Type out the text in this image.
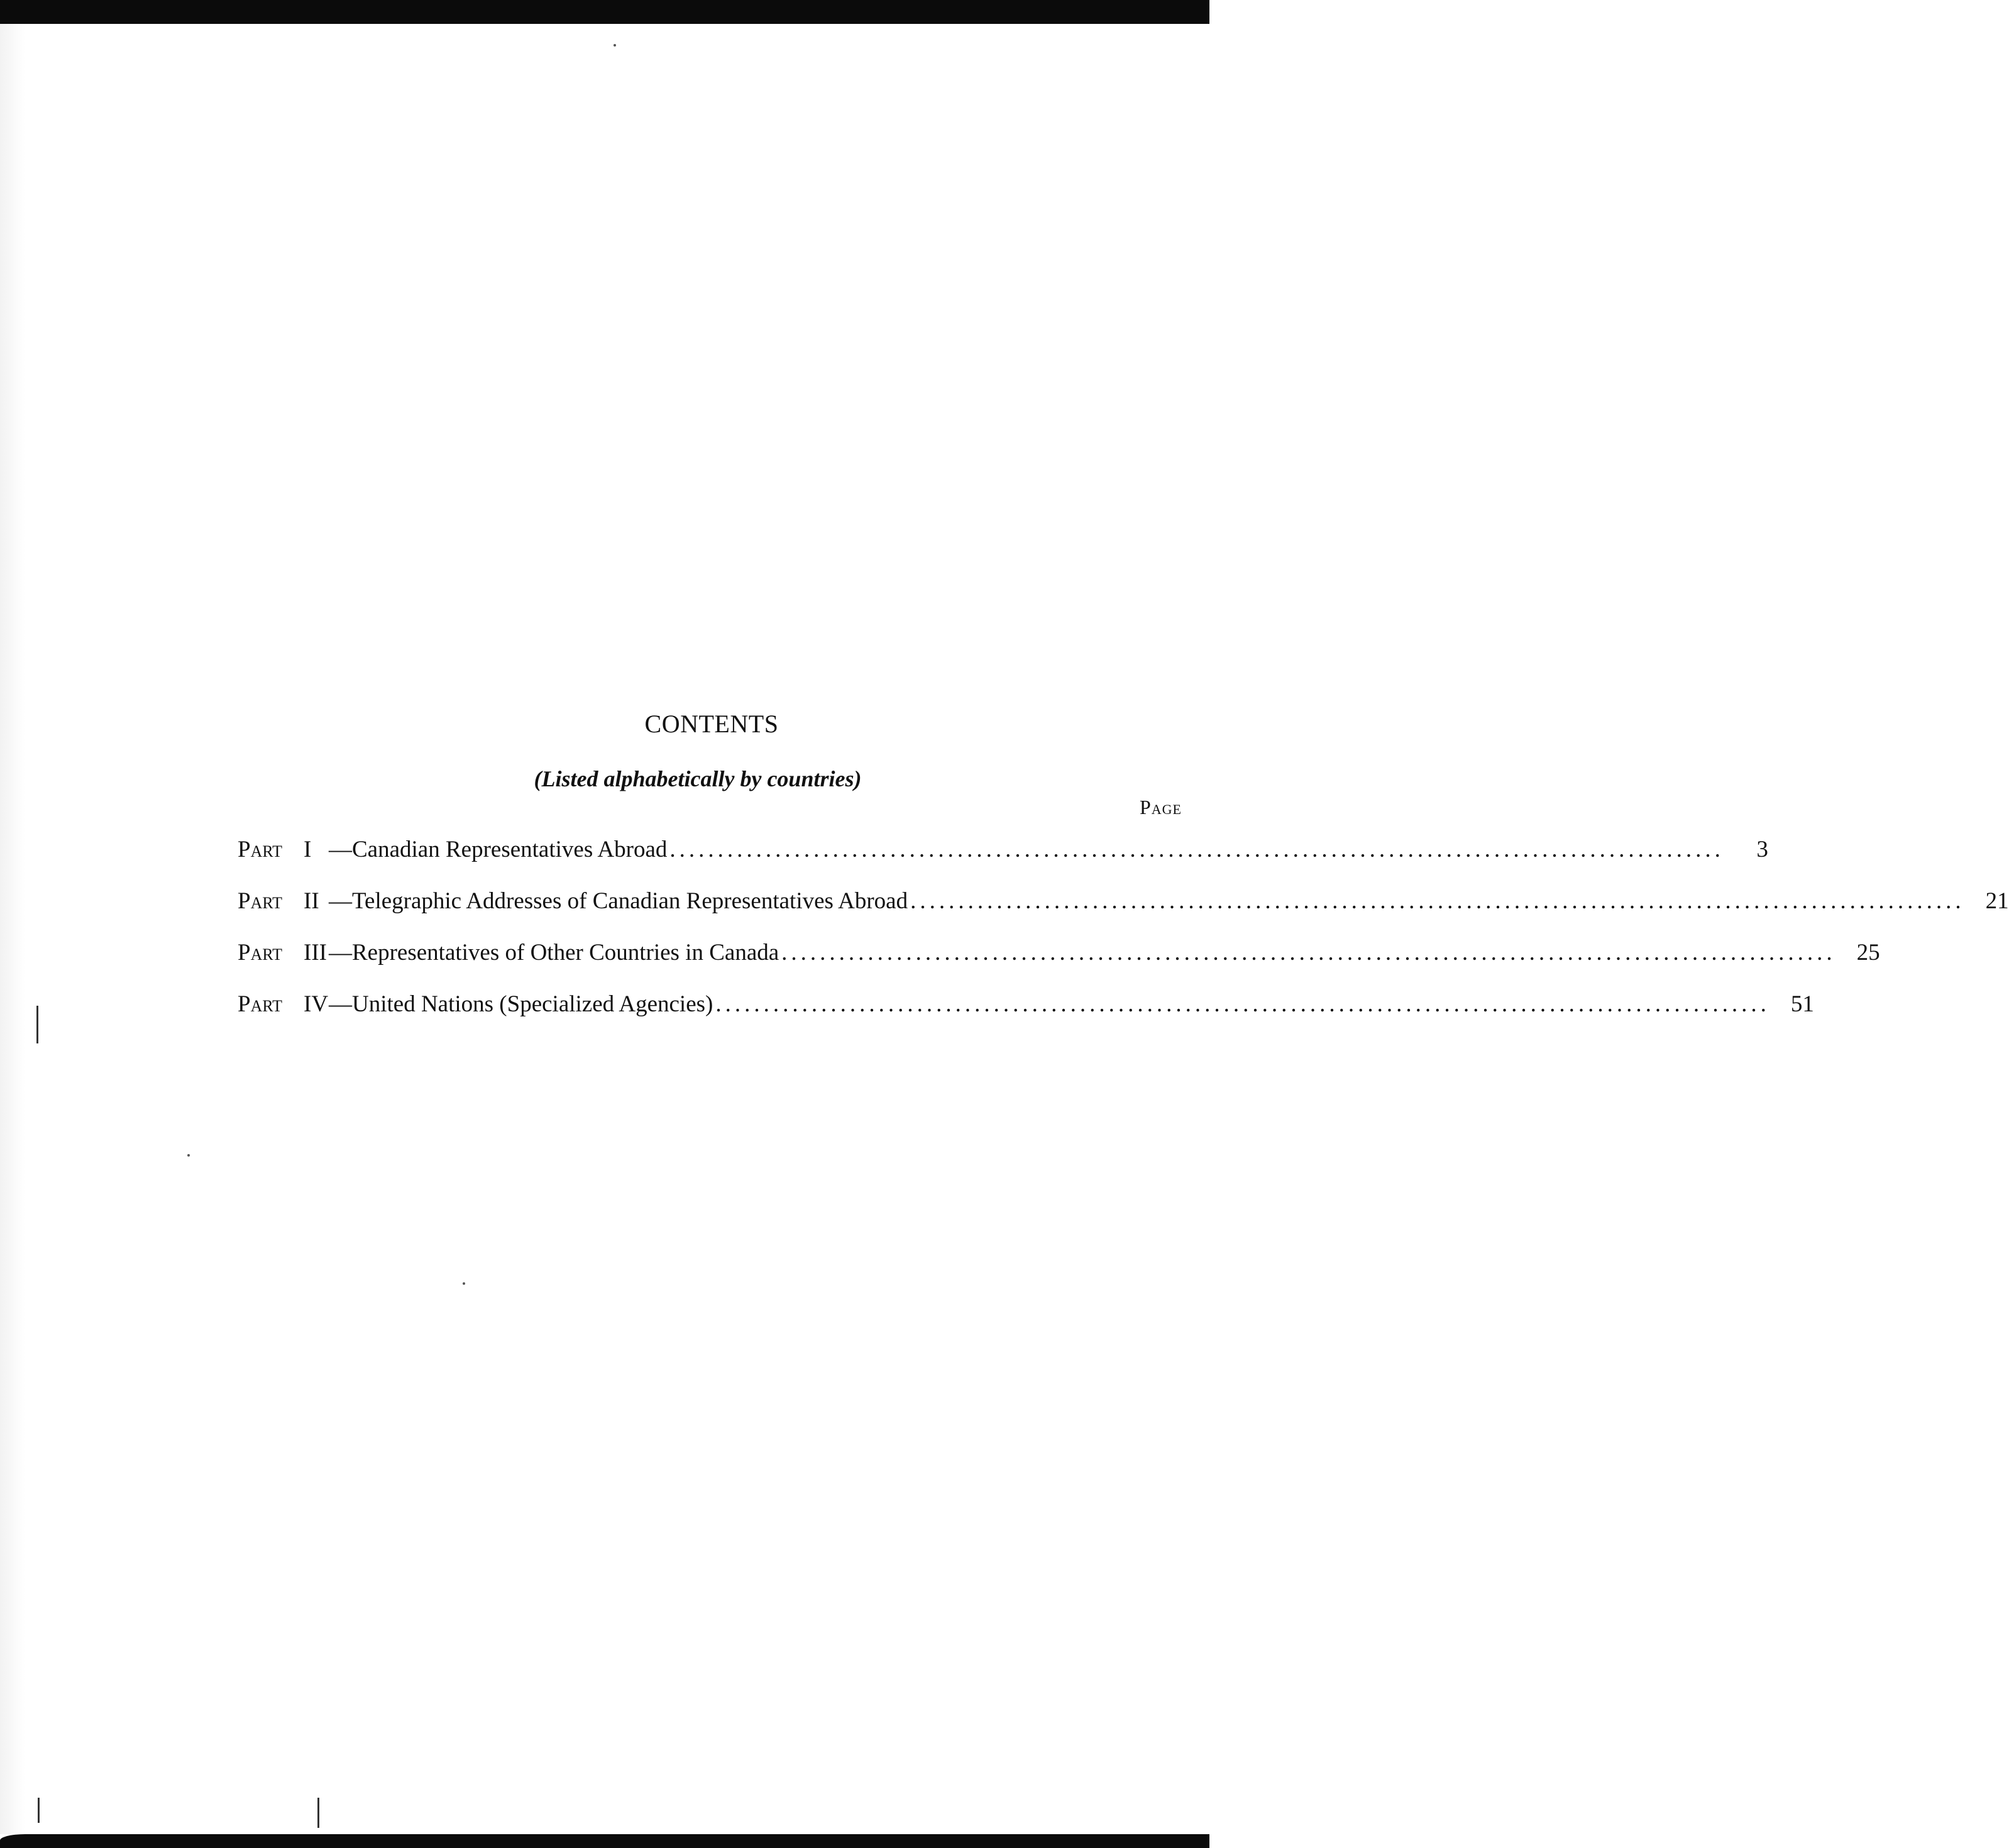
CONTENTS
(Listed alphabetically by countries)
Page
Part I —Canadian Representatives Abroad ..............................................................................................................	3
Part II —Telegraphic Addresses of Canadian Representatives Abroad .............................................................................................................. 21
Part III —Representatives of Other Countries in Canada .............................................................................................................. 25
Part IV —United Nations (Specialized Agencies) .............................................................................................................. 51
